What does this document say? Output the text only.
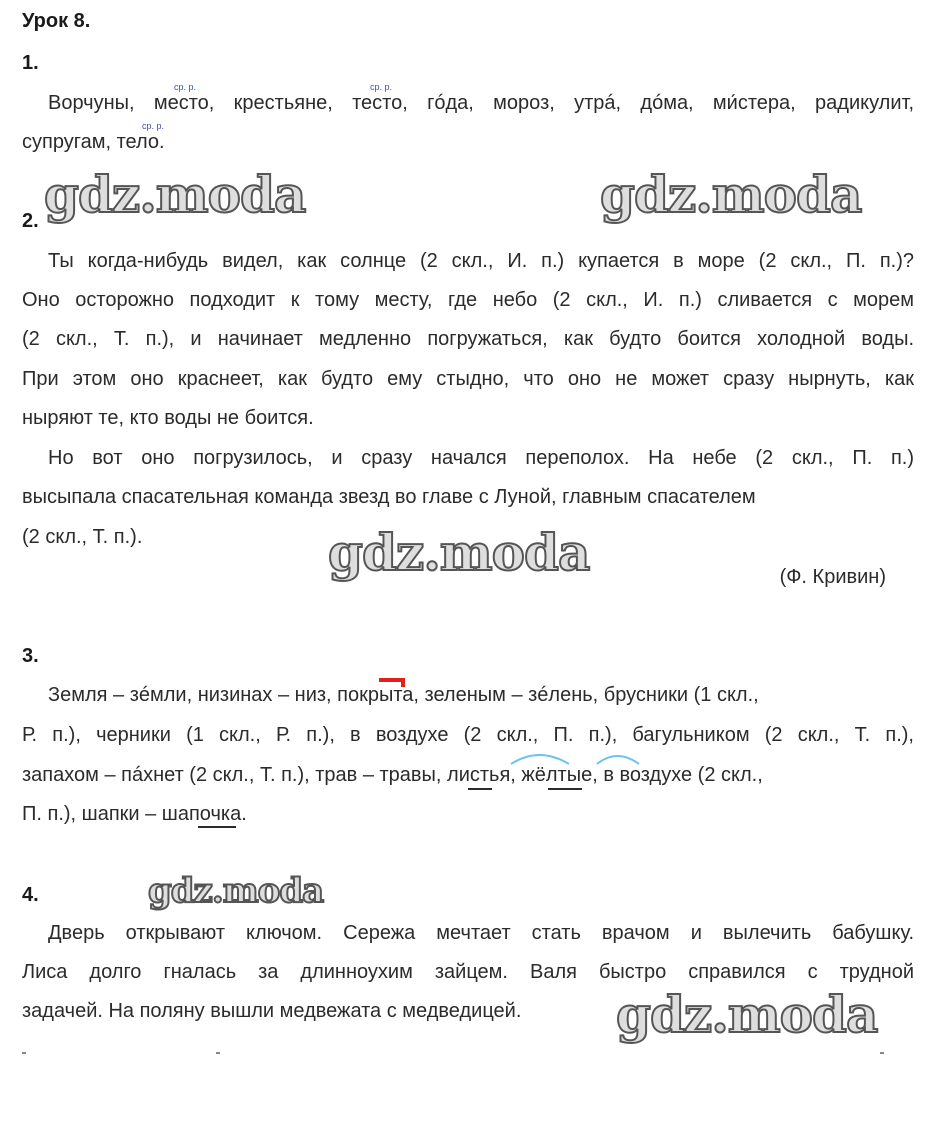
Урок 8.
1.
ср. р.	ср. р.
ср. р.
Ворчуны, место, крестьяне, тесто, гóда, мороз, утрá, дóма, ми́стера, радикулит,
супругам, тело.
gdz.moda	gdz.moda
2.
Ты когда-нибудь видел, как солнце (2 скл., И. п.) купается в море (2 скл., П. п.)?
Оно осторожно подходит к тому месту, где небо (2 скл., И. п.) сливается с морем
(2 скл., Т. п.), и начинает медленно погружаться, как будто боится холодной воды.
При этом оно краснеет, как будто ему стыдно, что оно не может сразу нырнуть, как
ныряют те, кто воды не боится.
Но вот оно погрузилось, и сразу начался переполох. На небе (2 скл., П. п.)
высыпала спасательная команда звезд во главе с Луной, главным спасателем
(2 скл., Т. п.).	gdz.moda	(Ф. Кривин)
3.
Земля – зéмли, низинах – низ, покрыта, зеленым – зéлень, брусники (1 скл.,
Р. п.), черники (1 скл., Р. п.), в воздухе (2 скл., П. п.), багульником (2 скл., Т. п.),
запахом – пáхнет (2 скл., Т. п.), трав – травы, листья, жёлтые, в воздухе (2 скл.,
П. п.), шапки – шапочка.
4.	gdz.moda
Дверь открывают ключом. Сережа мечтает стать врачом и вылечить бабушку.
Лиса долго гналась за длинноухим зайцем. Валя быстро справился с трудной
задачей. На поляну вышли медвежата с медведицей. gdz.moda
